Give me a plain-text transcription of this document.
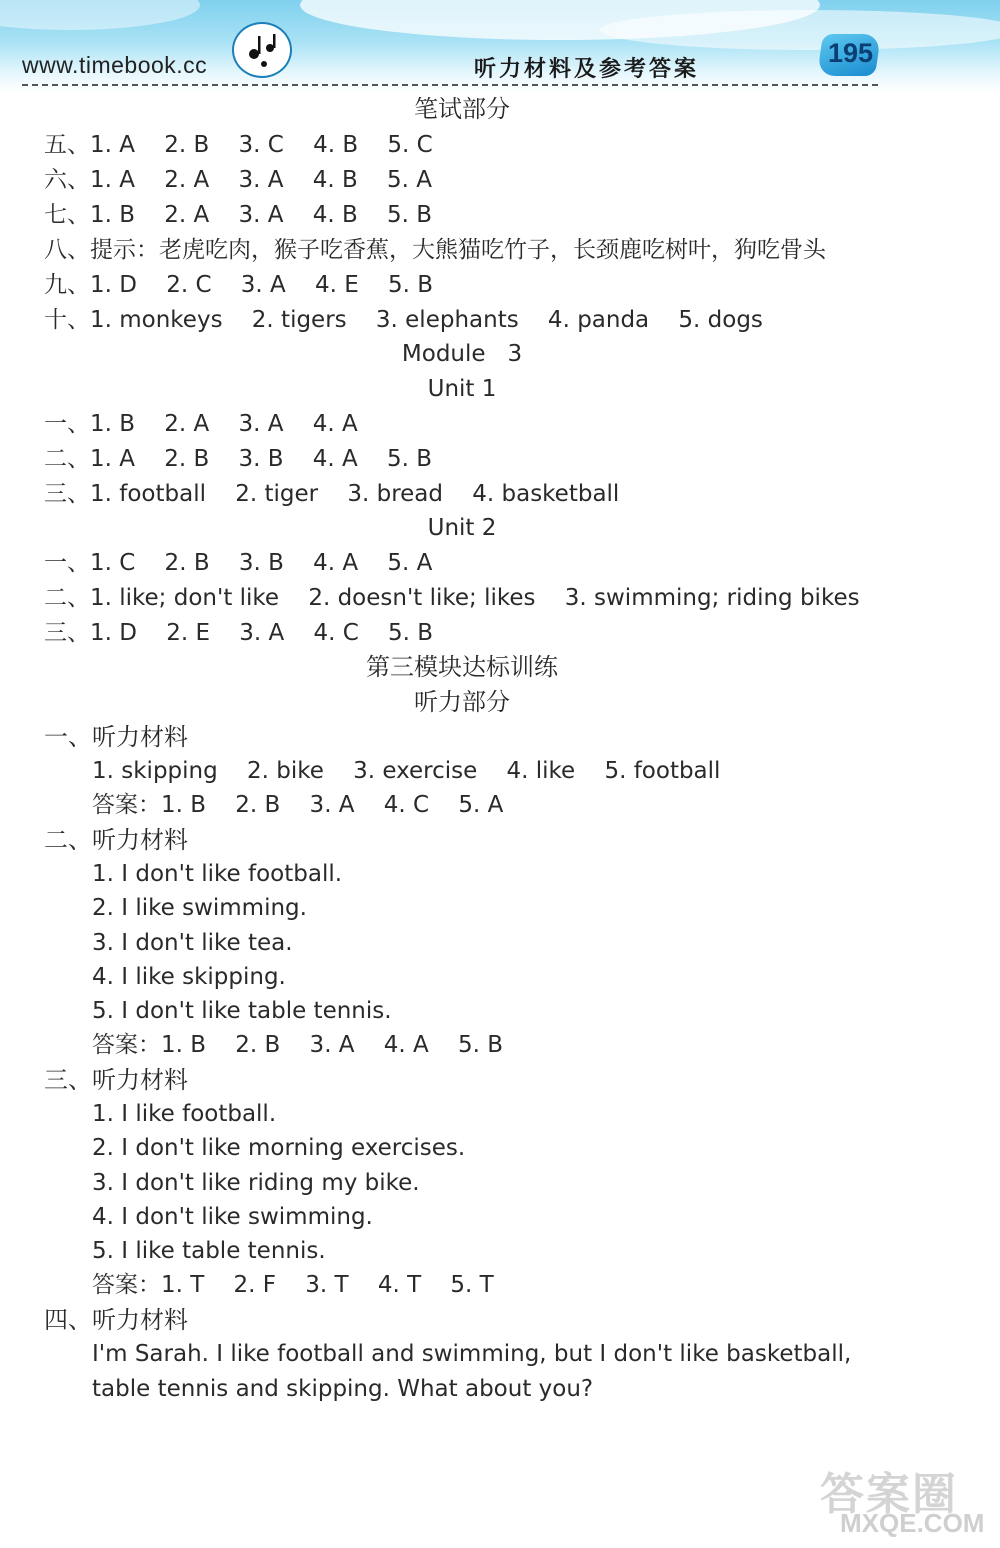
www.timebook.cc	听力材料及参考答案
195
笔试部分
五、1. A    2. B    3. C    4. B    5. C
六、1. A    2. A    3. A    4. B    5. A
七、1. B    2. A    3. A    4. B    5. B
八、提示：老虎吃肉，猴子吃香蕉，大熊猫吃竹子，长颈鹿吃树叶，狗吃骨头
九、1. D    2. C    3. A    4. E    5. B
十、1. monkeys    2. tigers    3. elephants    4. panda    5. dogs
Module   3
Unit 1
一、1. B    2. A    3. A    4. A
二、1. A    2. B    3. B    4. A    5. B
三、1. football    2. tiger    3. bread    4. basketball
Unit 2
一、1. C    2. B    3. B    4. A    5. A
二、1. like; don't like    2. doesn't like; likes    3. swimming; riding bikes
三、1. D    2. E    3. A    4. C    5. B
第三模块达标训练
听力部分
一、听力材料
1. skipping    2. bike    3. exercise    4. like    5. football
答案：1. B    2. B    3. A    4. C    5. A
二、听力材料
1. I don't like football.
2. I like swimming.
3. I don't like tea.
4. I like skipping.
5. I don't like table tennis.
答案：1. B    2. B    3. A    4. A    5. B
三、听力材料
1. I like football.
2. I don't like morning exercises.
3. I don't like riding my bike.
4. I don't like swimming.
5. I like table tennis.
答案：1. T    2. F    3. T    4. T    5. T
四、听力材料
I'm Sarah. I like football and swimming, but I don't like basketball,
table tennis and skipping. What about you?
答案圈
MXQE.COM
